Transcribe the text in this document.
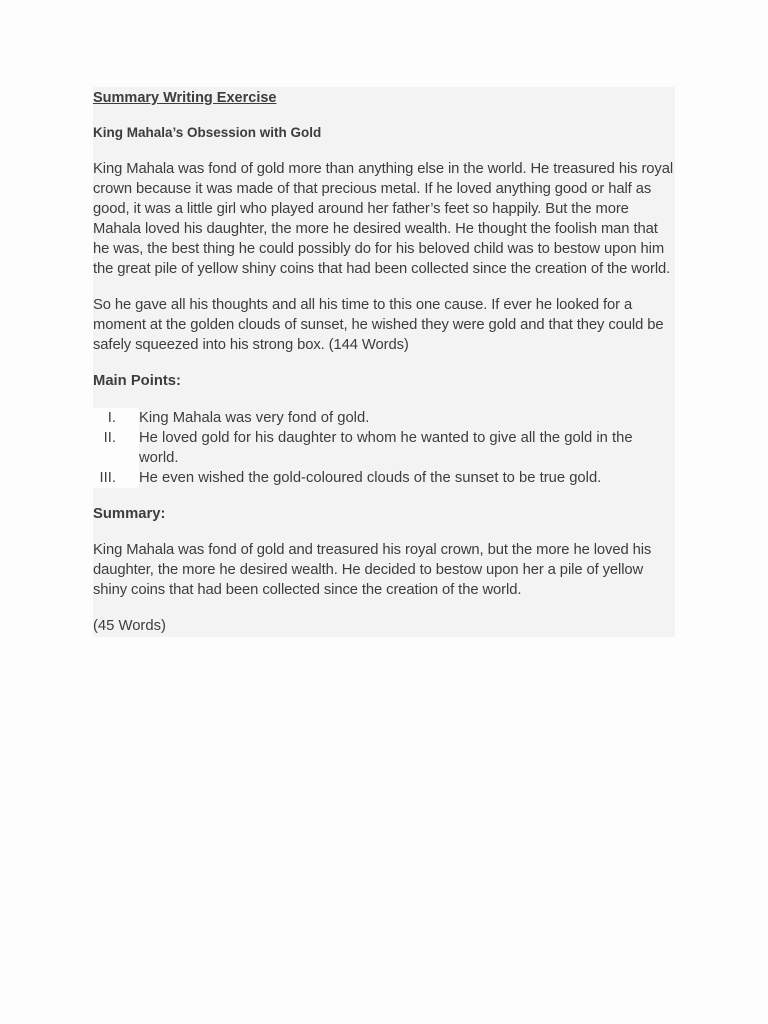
Summary Writing Exercise
King Mahala’s Obsession with Gold

King Mahala was fond of gold more than anything else in the world. He treasured his royal crown because it was made of that precious metal. If he loved anything good or half as good, it was a little girl who played around her father’s feet so happily. But the more Mahala loved his daughter, the more he desired wealth. He thought the foolish man that he was, the best thing he could possibly do for his beloved child was to bestow upon him the great pile of yellow shiny coins that had been collected since the creation of the world.

So he gave all his thoughts and all his time to this one cause. If ever he looked for a moment at the golden clouds of sunset, he wished they were gold and that they could be safely squeezed into his strong box. (144 Words)

Main Points:
I.	King Mahala was very fond of gold.
II.	He loved gold for his daughter to whom he wanted to give all the gold in the world.
III.	He even wished the gold-coloured clouds of the sunset to be true gold.
Summary:

King Mahala was fond of gold and treasured his royal crown, but the more he loved his daughter, the more he desired wealth. He decided to bestow upon her a pile of yellow shiny coins that had been collected since the creation of the world.

(45 Words)
